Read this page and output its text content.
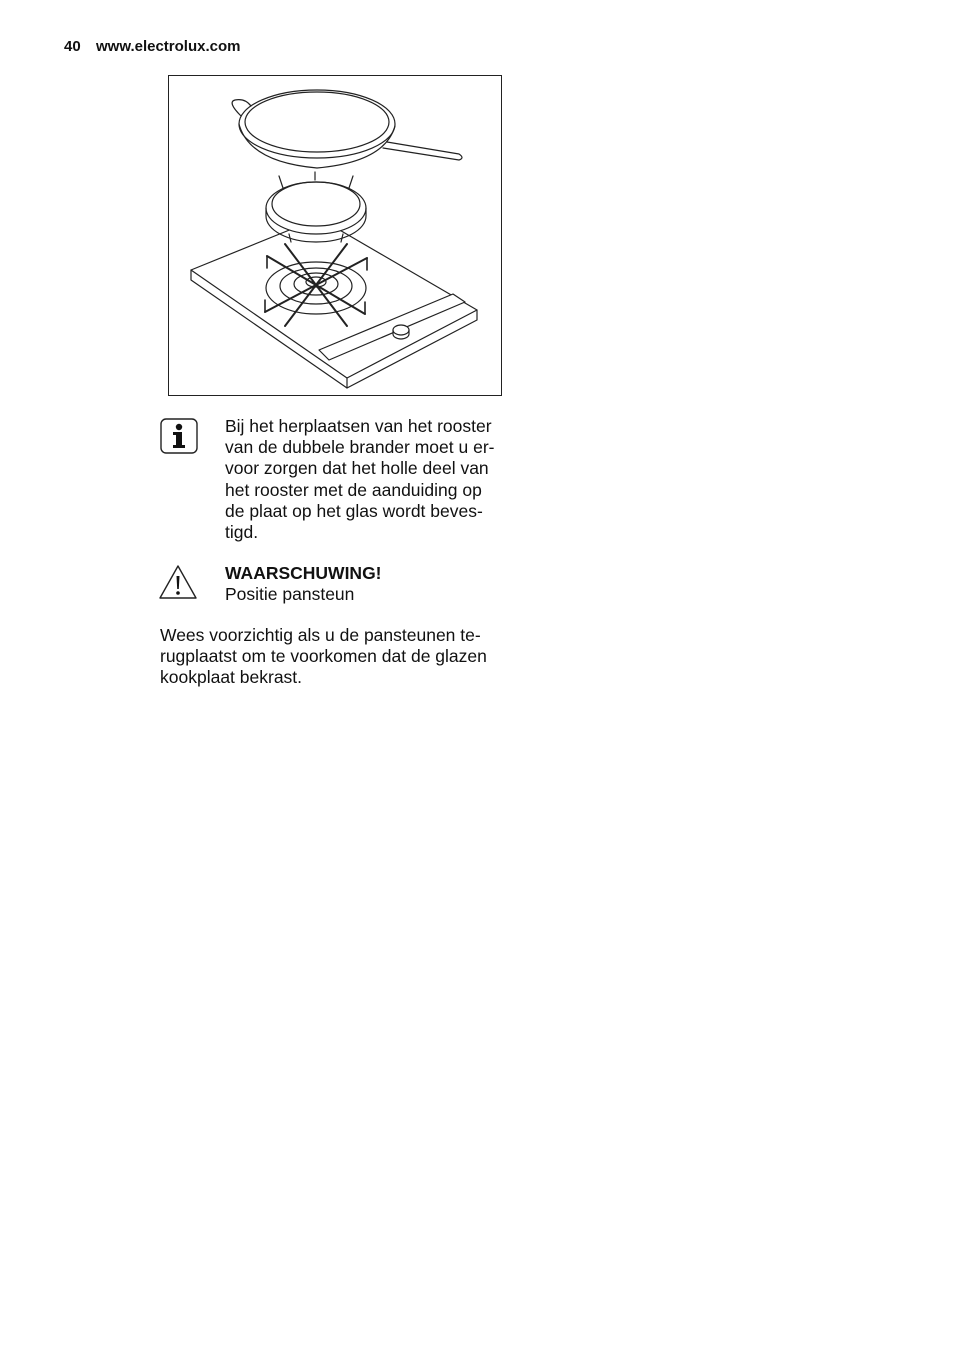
40 www.electrolux.com
Bij het herplaatsen van het rooster
van de dubbele brander moet u er-
voor zorgen dat het holle deel van
het rooster met de aanduiding op
de plaat op het glas wordt beves-
tigd.
WAARSCHUWING!
Positie pansteun
Wees voorzichtig als u de pansteunen te-
rugplaatst om te voorkomen dat de glazen
kookplaat bekrast.
